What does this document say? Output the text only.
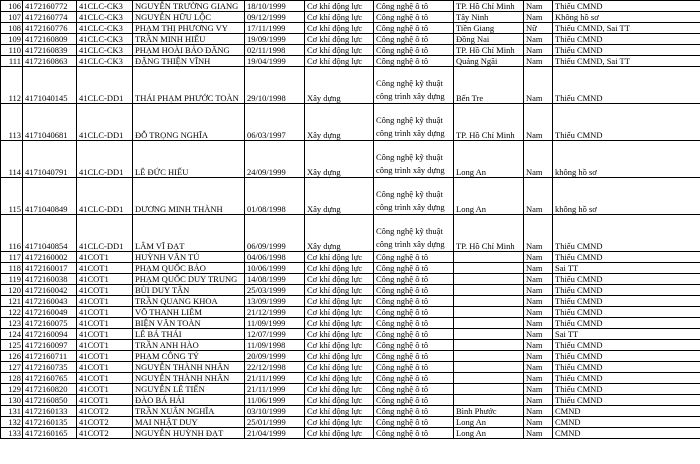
106	4172160772	41CLC-CK3	NGUYỄN TRƯỜNG GIANG	18/10/1999	Cơ khí động lực	Công nghệ ô tô	TP. Hồ Chí Minh	Nam	Thiếu CMND
107	4172160774	41CLC-CK3	NGUYỄN HỮU LỘC	09/12/1999	Cơ khí động lực	Công nghệ ô tô	Tây Ninh	Nam	Không hồ sơ
108	4172160776	41CLC-CK3	PHẠM THỊ PHƯƠNG VY	17/11/1999	Cơ khí động lực	Công nghệ ô tô	Tiền Giang	Nữ	Thiếu CMND, Sai TT
109	4172160809	41CLC-CK3	TRẦN MINH HIẾU	19/09/1999	Cơ khí động lực	Công nghệ ô tô	Đồng Nai	Nam	Thiếu CMND
110	4172160839	41CLC-CK3	PHẠM HOÀI BẢO ĐĂNG	02/11/1998	Cơ khí động lực	Công nghệ ô tô	TP. Hồ Chí Minh	Nam	Thiếu CMND
111	4172160863	41CLC-CK3	ĐẶNG THIỆN VĨNH	19/04/1999	Cơ khí động lực	Công nghệ ô tô	Quảng Ngãi	Nam	Thiếu CMND, Sai TT
112	4171040145	41CLC-DD1	THÁI PHẠM PHƯỚC TOÀN	29/10/1998	Xây dựng	Công nghệ kỹ thuật công trình xây dựng	Bến Tre	Nam	Thiếu CMND
113	4171040681	41CLC-DD1	ĐỖ TRỌNG NGHĨA	06/03/1997	Xây dựng	Công nghệ kỹ thuật công trình xây dựng	TP. Hồ Chí Minh	Nam	Thiếu CMND
114	4171040791	41CLC-DD1	LÊ ĐỨC HIẾU	24/09/1999	Xây dựng	Công nghệ kỹ thuật công trình xây dựng	Long An	Nam	không hồ sơ
115	4171040849	41CLC-DD1	DƯƠNG MINH THÀNH	01/08/1998	Xây dựng	Công nghệ kỹ thuật công trình xây dựng	Long An	Nam	không hồ sơ
116	4171040854	41CLC-DD1	LÂM VĨ ĐẠT	06/09/1999	Xây dựng	Công nghệ kỹ thuật công trình xây dựng	TP. Hồ Chí Minh	Nam	Thiếu CMND
117	4172160002	41COT1	HUỲNH VĂN TÚ	04/06/1998	Cơ khí động lực	Công nghệ ô tô		Nam	Thiếu CMND
118	4172160017	41COT1	PHẠM QUỐC BẢO	10/06/1999	Cơ khí động lực	Công nghệ ô tô		Nam	Sai TT
119	4172160038	41COT1	PHẠM QUỐC DUY TRUNG	14/08/1999	Cơ khí động lực	Công nghệ ô tô		Nam	Thiếu CMND
120	4172160042	41COT1	BÙI DUY TÂN	25/03/1999	Cơ khí động lực	Công nghệ ô tô		Nam	Thiếu CMND
121	4172160043	41COT1	TRẦN QUANG KHOA	13/09/1999	Cơ khí động lực	Công nghệ ô tô		Nam	Thiếu CMND
122	4172160049	41COT1	VÕ THANH LIÊM	21/12/1999	Cơ khí động lực	Công nghệ ô tô		Nam	Thiếu CMND
123	4172160075	41COT1	BIỆN VĂN TOÀN	11/09/1999	Cơ khí động lực	Công nghệ ô tô		Nam	Thiếu CMND
124	4172160094	41COT1	LÊ BÁ THÁI	12/07/1999	Cơ khí động lực	Công nghệ ô tô		Nam	Sai TT
125	4172160097	41COT1	TRẦN ANH HÀO	11/09/1998	Cơ khí động lực	Công nghệ ô tô		Nam	Thiếu CMND
126	4172160711	41COT1	PHẠM CÔNG TÝ	20/09/1999	Cơ khí động lực	Công nghệ ô tô		Nam	Thiếu CMND
127	4172160735	41COT1	NGUYỄN THÀNH NHÂN	22/12/1998	Cơ khí động lực	Công nghệ ô tô		Nam	Thiếu CMND
128	4172160765	41COT1	NGUYỄN THÀNH NHÂN	21/11/1999	Cơ khí động lực	Công nghệ ô tô		Nam	Thiếu CMND
129	4172160820	41COT1	NGUYỄN LÊ TIẾN	21/11/1999	Cơ khí động lực	Công nghệ ô tô		Nam	Thiếu CMND
130	4172160850	41COT1	ĐÀO BÁ HẢI	11/06/1999	Cơ khí động lực	Công nghệ ô tô		Nam	Thiếu CMND
131	4172160133	41COT2	TRẦN XUÂN NGHĨA	03/10/1999	Cơ khí động lực	Công nghệ ô tô	Bình Phước	Nam	CMND
132	4172160135	41COT2	MAI NHẬT DUY	25/01/1999	Cơ khí động lực	Công nghệ ô tô	Long An	Nam	CMND
133	4172160165	41COT2	NGUYỄN HUỲNH ĐẠT	21/04/1999	Cơ khí động lực	Công nghệ ô tô	Long An	Nam	CMND
